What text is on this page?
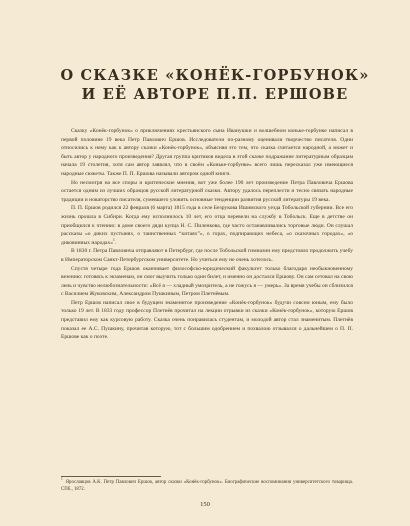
О СКАЗКЕ «КОНЁК-ГОРБУНОК»
И ЕЁ АВТОРЕ П.П. ЕРШОВЕ

Сказку «Конёк-горбунок» о приключениях крестьянского сына Иванушки и волшебном коньке-горбунке написал в первой половине 19 века Петр Павлович Ершов. Исследователи по-разному оценивали творчество писателя. Одни относились к нему как к автору сказки «Конёк-горбунок», объясняя это тем, что сказка считается народной, а может и быть автор у народного произведения? Другая группа критиков видела в этой сказке подражание литературным образцам начала 19 столетия, хотя сам автор заявлял, что в своём «Коньке-горбунке» всего лишь пересказал уже имеющиеся народные сюжеты. Также П. П. Ершова называли автором одной книги.

Но несмотря на все споры и критические мнения, вот уже более 190 лет произведение Петра Павловича Ершова остается одним из лучших образцов русской литературной сказки. Автору удалось переплести и тесно связать народные традиции и новаторство писателя, сумевшего уловить основные тенденции развития русской литературы 19 века.

П. П. Ершов родился 22 февраля (6 марта) 1815 года в селе Безрукова Ишимского уезда Тобольской губернии. Все его жизнь прошла в Сибири. Когда ему исполнилось 10 лет, его отца перевели на службу в Тобольск. Еще в детстве он приобщился к чтению: в доме своего дяди купца Н. С. Пиленкова, где часто останавливались торговые люди. Он слушал рассказы «о диких пустынях, о таинственных “китаях”», о горах, подпирающих небеса, «о сказочных городах», «о диковинных народах»$^1$.

В 1830 г. Петра Павловича отправляют в Петербург, где после Тобольской гимназии ему предстояло продолжить учебу в Императорском Санкт-Петербургском университете. Но учиться ему не очень хотелось.

Спустя четыре года Ершов оканчивает философско-юридический факультет только благодаря необыкновенному везению: готовясь к экзаменам, он смог выучить только один билет, и именно он достался Ершову. Он сам сетовал на свою лень и чувство нелюбознательности: «Всё я — хладный умозритель, а не гожусь я — умерь». За время учебы он сблизился с Василием Жуковским, Александром Пушкиным, Петром Плетнёвым.

Петр Ершов написал свое в будущем знаменитое произведение «Конёк-горбунок» будучи совсем юным, ему было только 19 лет. В 1833 году профессор Плетнёв прочитал на лекции отрывки из сказки «Конёк-горбунок», которую Ершов представил ему как курсовую работу. Сказка очень понравилась студентам, и молодой автор стал знаменитым. Плетнёв показал ее А.С. Пушкину, прочитав которую, тот с большим одобрением и похвалою отзывался о дальнейшем о П. П. Ершове как о поэте.

$^1$Ярославцов А.К. Петр Павлович Ершов, автор сказки «Конёк-горбунок». Биографические воспоминания университетского товарища. СПб., 1872.
150
